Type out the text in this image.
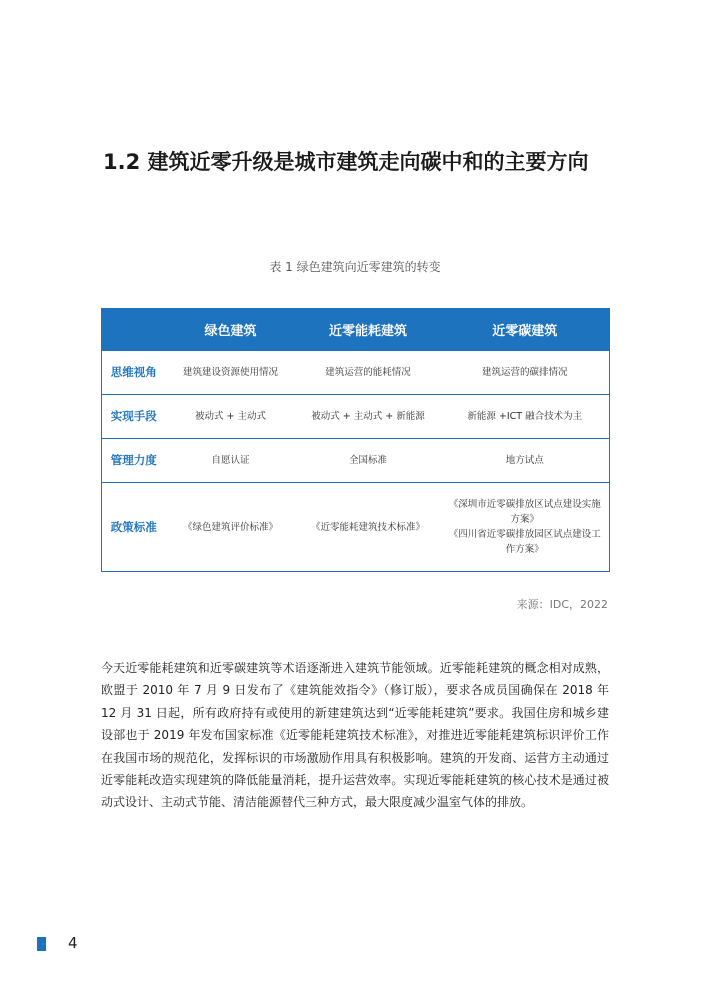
1.2 建筑近零升级是城市建筑走向碳中和的主要方向
表 1 绿色建筑向近零建筑的转变
	绿色建筑	近零能耗建筑	近零碳建筑
思维视角	建筑建设资源使用情况	建筑运营的能耗情况	建筑运营的碳排情况
实现手段	被动式 + 主动式	被动式 + 主动式 + 新能源	新能源 +ICT 融合技术为主
管理力度	自愿认证	全国标准	地方试点
政策标准	《绿色建筑评价标准》	《近零能耗建筑技术标准》	《深圳市近零碳排放区试点建设实施方案》
《四川省近零碳排放园区试点建设工作方案》
来源：IDC，2022

今天近零能耗建筑和近零碳建筑等术语逐渐进入建筑节能领域。近零能耗建筑的概念相对成熟，欧盟于 2010 年 7 月 9 日发布了《建筑能效指令》（修订版），要求各成员国确保在 2018 年 12 月 31 日起，所有政府持有或使用的新建建筑达到“近零能耗建筑”要求。我国住房和城乡建设部也于 2019 年发布国家标准《近零能耗建筑技术标准》，对推进近零能耗建筑标识评价工作在我国市场的规范化，发挥标识的市场激励作用具有积极影响。建筑的开发商、运营方主动通过近零能耗改造实现建筑的降低能量消耗，提升运营效率。实现近零能耗建筑的核心技术是通过被动式设计、主动式节能、清洁能源替代三种方式，最大限度减少温室气体的排放。

4
